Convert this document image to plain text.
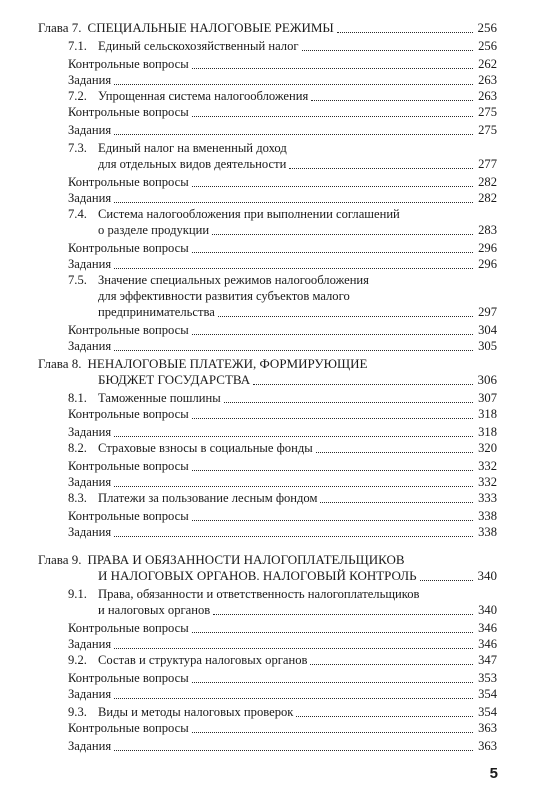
Глава 7. СПЕЦИАЛЬНЫЕ НАЛОГОВЫЕ РЕЖИМЫ	256
7.1. Единый сельскохозяйственный налог	256
Контрольные вопросы	262
Задания	263
7.2. Упрощенная система налогообложения	263
Контрольные вопросы	275
Задания	275
7.3. Единый налог на вмененный доход
для отдельных видов деятельности	277
Контрольные вопросы	282
Задания	282
7.4. Система налогообложения при выполнении соглашений
о разделе продукции	283
Контрольные вопросы	296
Задания	296
7.5. Значение специальных режимов налогообложения
для эффективности развития субъектов малого
предпринимательства	297
Контрольные вопросы	304
Задания	305
Глава 8. НЕНАЛОГОВЫЕ ПЛАТЕЖИ, ФОРМИРУЮЩИЕ
БЮДЖЕТ ГОСУДАРСТВА	306
8.1. Таможенные пошлины	307
Контрольные вопросы	318
Задания	318
8.2. Страховые взносы в социальные фонды	320
Контрольные вопросы	332
Задания	332
8.3. Платежи за пользование лесным фондом	333
Контрольные вопросы	338
Задания	338
Глава 9. ПРАВА И ОБЯЗАННОСТИ НАЛОГОПЛАТЕЛЬЩИКОВ
И НАЛОГОВЫХ ОРГАНОВ. НАЛОГОВЫЙ КОНТРОЛЬ	340
9.1. Права, обязанности и ответственность налогоплательщиков
и налоговых органов	340
Контрольные вопросы	346
Задания	346
9.2. Состав и структура налоговых органов	347
Контрольные вопросы	353
Задания	354
9.3. Виды и методы налоговых проверок	354
Контрольные вопросы	363
Задания	363
5
